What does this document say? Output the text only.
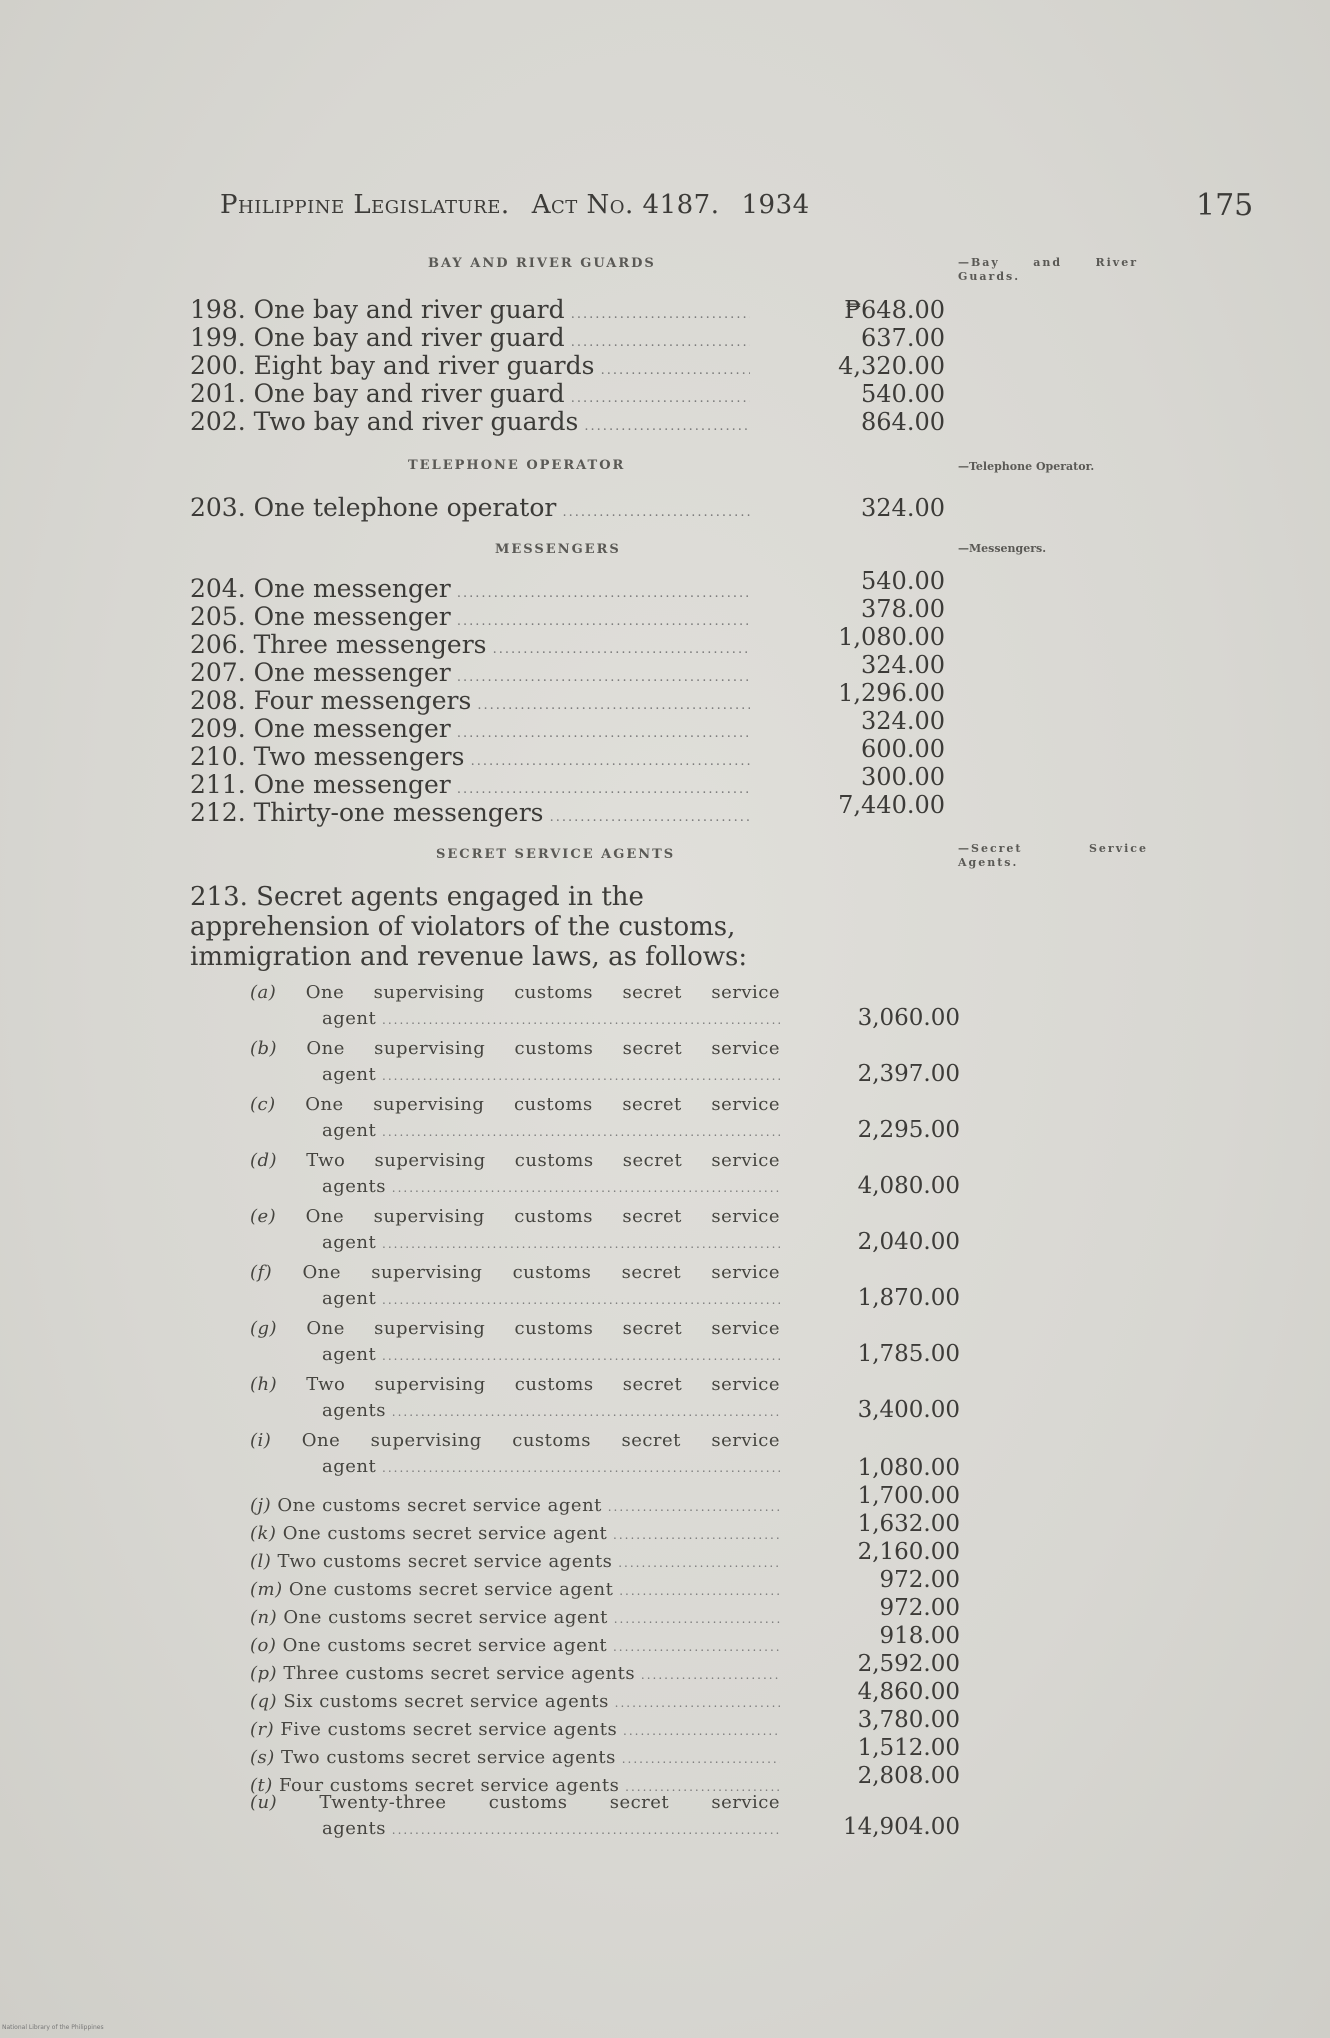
Philippine Legislature. Act No. 4187. 1934	175
BAY AND RIVER GUARDS	—Bay and River Guards.
198. One bay and river guard .....	₱648.00
199. One bay and river guard .....	637.00
200. Eight bay and river guards .....	4,320.00
201. One bay and river guard .....	540.00
202. Two bay and river guards .....	864.00
TELEPHONE OPERATOR	—Telephone Operator.
203. One telephone operator .....	324.00
MESSENGERS	—Messengers.
204. One messenger .....	540.00
205. One messenger .....	378.00
206. Three messengers .....	1,080.00
207. One messenger .....	324.00
208. Four messengers .....	1,296.00
209. One messenger .....	324.00
210. Two messengers .....	600.00
211. One messenger .....	300.00
212. Thirty-one messengers .....	7,440.00
SECRET SERVICE AGENTS	—Secret Service Agents.
213. Secret agents engaged in the apprehension of violators of the customs, immigration and revenue laws, as follows:
(a) One supervising customs secret service
agent .....	3,060.00
(b) One supervising customs secret service
agent .....	2,397.00
(c) One supervising customs secret service
agent .....	2,295.00
(d) Two supervising customs secret service
agents .....	4,080.00
(e) One supervising customs secret service
agent .....	2,040.00
(f) One supervising customs secret service
agent .....	1,870.00
(g) One supervising customs secret service
agent .....	1,785.00
(h) Two supervising customs secret service
agents .....	3,400.00
(i) One supervising customs secret service
agent .....	1,080.00
(j) One customs secret service agent .....	1,700.00
(k) One customs secret service agent .....	1,632.00
(l) Two customs secret service agents .....	2,160.00
(m) One customs secret service agent .....	972.00
(n) One customs secret service agent .....	972.00
(o) One customs secret service agent .....	918.00
(p) Three customs secret service agents .....	2,592.00
(q) Six customs secret service agents .....	4,860.00
(r) Five customs secret service agents .....	3,780.00
(s) Two customs secret service agents .....	1,512.00
(t) Four customs secret service agents .....	2,808.00
(u) Twenty-three customs secret service
agents .....	14,904.00
National Library of the Philippines
